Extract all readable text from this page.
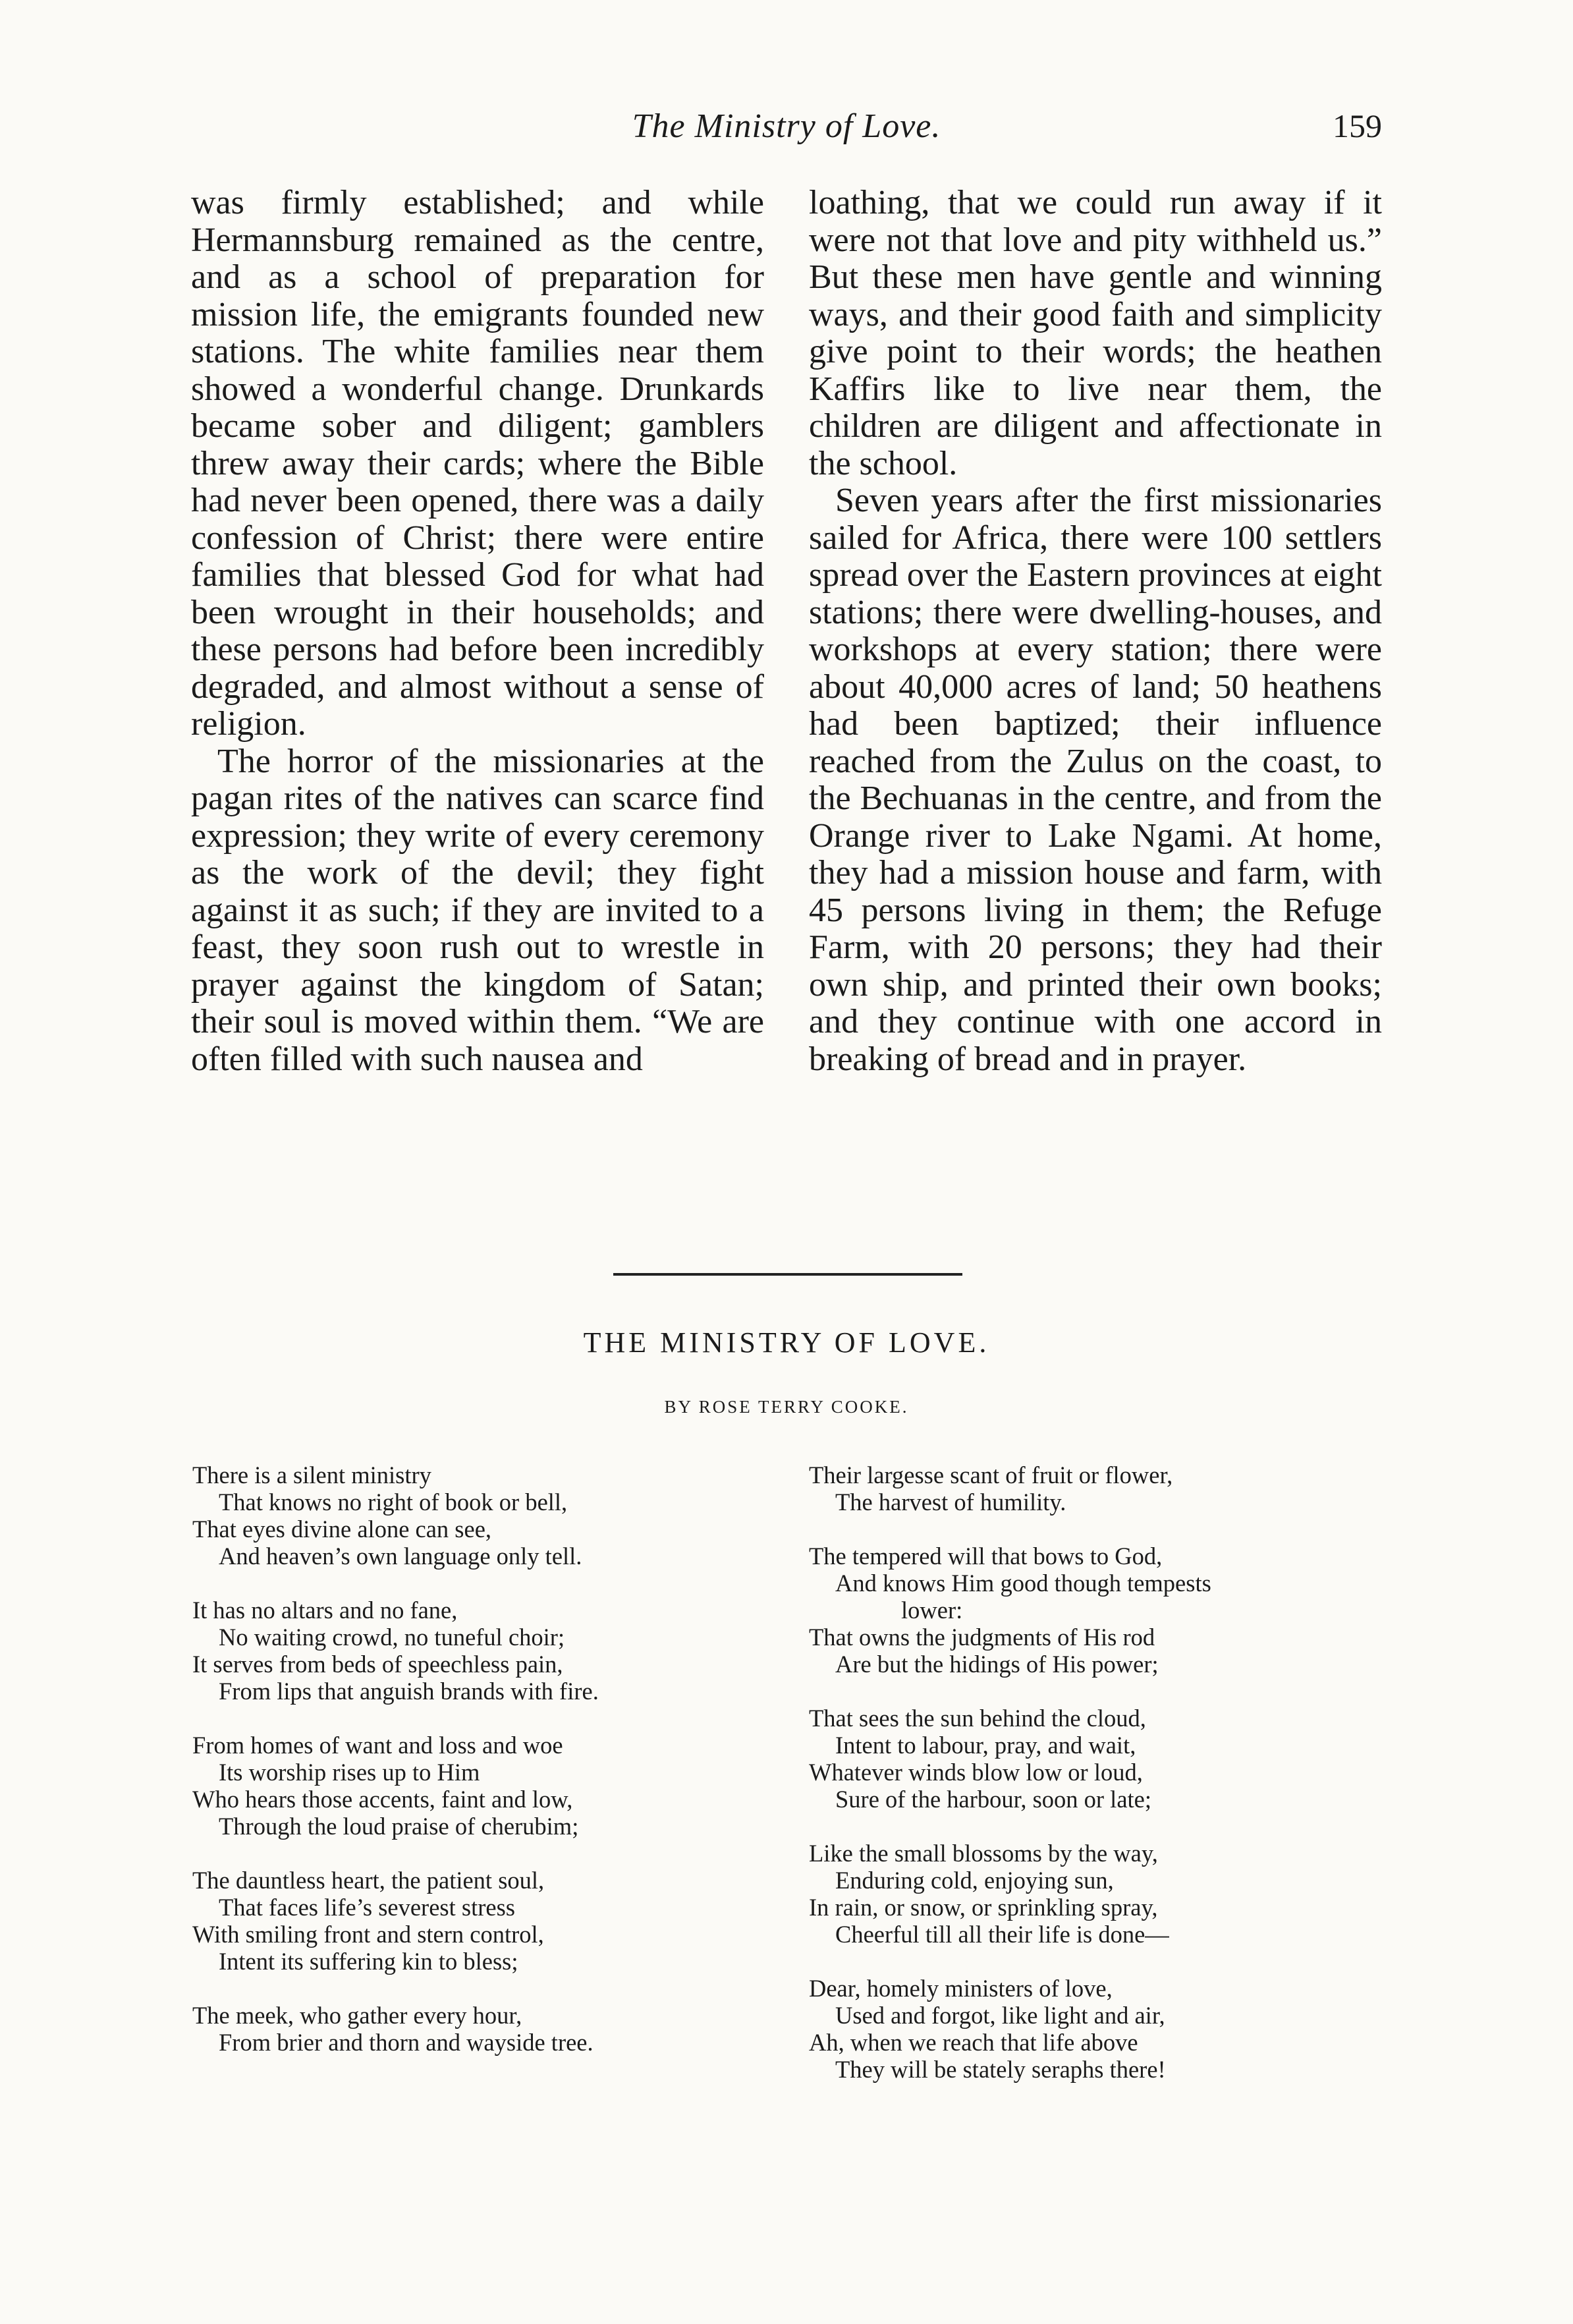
The Ministry of Love.	159

was firmly established; and while Hermannsburg remained as the centre, and as a school of preparation for mission life, the emigrants founded new stations. The white families near them showed a wonderful change. Drunkards became sober and diligent; gamblers threw away their cards; where the Bible had never been opened, there was a daily confession of Christ; there were entire families that blessed God for what had been wrought in their households; and these persons had before been incredibly degraded, and almost without a sense of religion.

The horror of the missionaries at the pagan rites of the natives can scarce find expression; they write of every ceremony as the work of the devil; they fight against it as such; if they are invited to a feast, they soon rush out to wrestle in prayer against the kingdom of Satan; their soul is moved within them. “We are often filled with such nausea and

loathing, that we could run away if it were not that love and pity withheld us.” But these men have gentle and winning ways, and their good faith and simplicity give point to their words; the heathen Kaffirs like to live near them, the children are diligent and affectionate in the school.

Seven years after the first missionaries sailed for Africa, there were 100 settlers spread over the Eastern provinces at eight stations; there were dwelling-houses, and workshops at every station; there were about 40,000 acres of land; 50 heathens had been baptized; their influence reached from the Zulus on the coast, to the Bechuanas in the centre, and from the Orange river to Lake Ngami. At home, they had a mission house and farm, with 45 persons living in them; the Refuge Farm, with 20 persons; they had their own ship, and printed their own books; and they continue with one accord in breaking of bread and in prayer.

THE MINISTRY OF LOVE.
BY ROSE TERRY COOKE.
There is a silent ministry
That knows no right of book or bell,
That eyes divine alone can see,
And heaven’s own language only tell.
It has no altars and no fane,
No waiting crowd, no tuneful choir;
It serves from beds of speechless pain,
From lips that anguish brands with fire.
From homes of want and loss and woe
Its worship rises up to Him
Who hears those accents, faint and low,
Through the loud praise of cherubim;
The dauntless heart, the patient soul,
That faces life’s severest stress
With smiling front and stern control,
Intent its suffering kin to bless;
The meek, who gather every hour,
From brier and thorn and wayside tree.
Their largesse scant of fruit or flower,
The harvest of humility.
The tempered will that bows to God,
And knows Him good though tempests
lower:
That owns the judgments of His rod
Are but the hidings of His power;
That sees the sun behind the cloud,
Intent to labour, pray, and wait,
Whatever winds blow low or loud,
Sure of the harbour, soon or late;
Like the small blossoms by the way,
Enduring cold, enjoying sun,
In rain, or snow, or sprinkling spray,
Cheerful till all their life is done—
Dear, homely ministers of love,
Used and forgot, like light and air,
Ah, when we reach that life above
They will be stately seraphs there!
